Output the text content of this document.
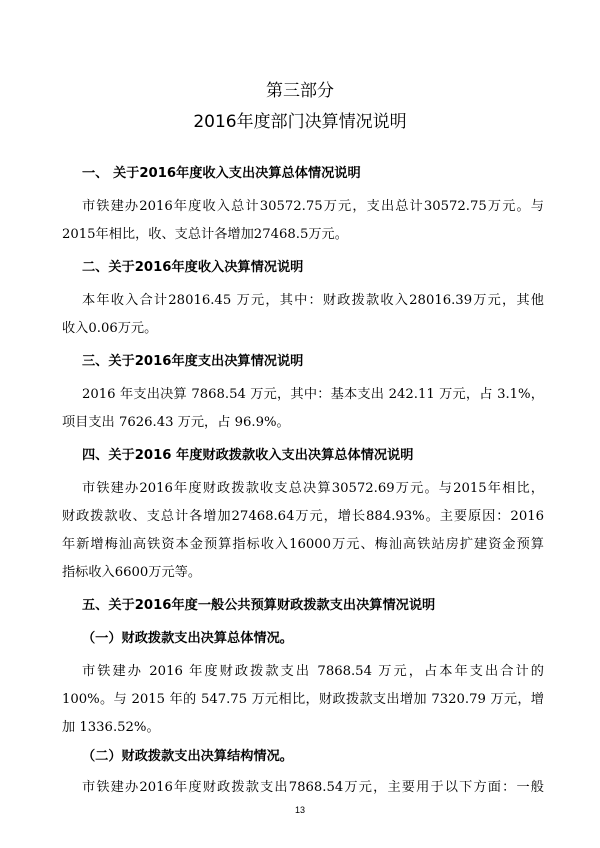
第三部分
2016年度部门决算情况说明
一、 关于2016年度收入支出决算总体情况说明
市铁建办2016年度收入总计30572.75万元，支出总计30572.75万元。与
2015年相比，收、支总计各增加27468.5万元。
二、关于2016年度收入决算情况说明
本年收入合计28016.45 万元，其中：财政拨款收入28016.39万元，其他
收入0.06万元。
三、关于2016年度支出决算情况说明
2016 年支出决算 7868.54 万元，其中：基本支出 242.11 万元，占 3.1%，
项目支出 7626.43 万元，占 96.9%。
四、关于2016 年度财政拨款收入支出决算总体情况说明
市铁建办2016年度财政拨款收支总决算30572.69万元。与2015年相比，
财政拨款收、支总计各增加27468.64万元，增长884.93%。主要原因：2016
年新增梅汕高铁资本金预算指标收入16000万元、梅汕高铁站房扩建资金预算
指标收入6600万元等。
五、关于2016年度一般公共预算财政拨款支出决算情况说明
（一）财政拨款支出决算总体情况。
市铁建办 2016 年度财政拨款支出 7868.54 万元，占本年支出合计的
100%。与 2015 年的 547.75 万元相比，财政拨款支出增加 7320.79 万元，增
加 1336.52%。
（二）财政拨款支出决算结构情况。
13
市铁建办2016年度财政拨款支出7868.54万元，主要用于以下方面：一般
